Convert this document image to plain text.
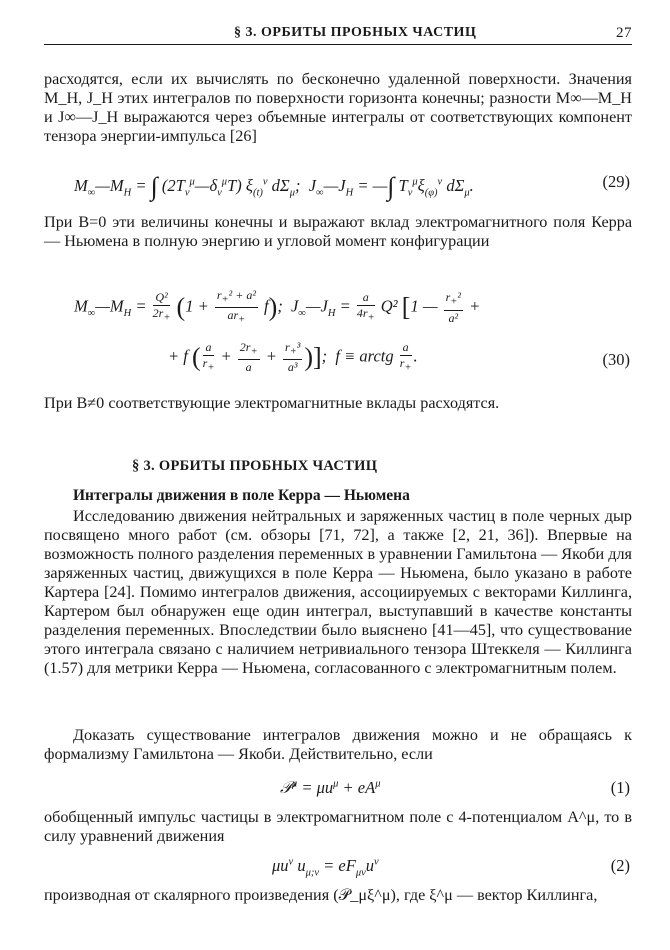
§ 3. ОРБИТЫ ПРОБНЫХ ЧАСТИЦ	27
расходятся, если их вычислять по бесконечно удаленной поверхности. Значения M_H, J_H этих интегралов по поверхности горизонта конечны; разности M∞—M_H и J∞—J_H выражаются через объемные интегралы от соответствующих компонент тензора энергии-импульса [26]
$M_\infty—M_H$ = ∫ $(2T_\nu^\mu—\delta_\nu^\mu T)$ $\xi_{(t)}^\nu$ $d\Sigma_\mu$;  $J_\infty—J_H$ = —∫ $T_\nu^\mu\xi_{(\varphi)}^\nu$ $d\Sigma_\mu$.	(29)
При B=0 эти величины конечны и выражают вклад электромагнитного поля Керра — Ньюмена в полную энергию и угловой момент конфигурации
$M_\infty—M_H = \frac{\text{Q²}}{2r_+} (1 + \frac{r_+^2 + a^2}{ar_+} f)$;  $J_\infty—J_H = \frac{a}{4r_+} Q^2$ [1 — $\frac{r_+^2}{\text{a²}}$ +
+ f ( $\frac{a}{r_+} + \frac{2r_+}{a} + \frac{r_+^3}{\text{a³}}$ )];  f ≡ arctg $\frac{a}{r_+}$ .	(30)
При B≠0 соответствующие электромагнитные вклады расходятся.
§ 3. ОРБИТЫ ПРОБНЫХ ЧАСТИЦ
Интегралы движения в поле Керра — Ньюмена
Исследованию движения нейтральных и заряженных частиц в поле черных дыр посвящено много работ (см. обзоры [71, 72], а также [2, 21, 36]). Впервые на возможность полного разделения переменных в уравнении Гамильтона — Якоби для заряженных частиц, движущихся в поле Керра — Ньюмена, было указано в работе Картера [24]. Помимо интегралов движения, ассоциируемых с векторами Киллинга, Картером был обнаружен еще один интеграл, выступавший в качестве константы разделения переменных. Впоследствии было выяснено [41—45], что существование этого интеграла связано с наличием нетривиального тензора Штеккеля — Киллинга (1.57) для метрики Керра — Ньюмена, согласованного с электромагнитным полем.
Доказать существование интегралов движения можно и не обращаясь к формализму Гамильтона — Якоби. Действительно, если
𝒫$^\mu$ = $\mu u^\mu + eA^\mu$	(1)
обобщенный импульс частицы в электромагнитном поле с 4-потенциалом A^μ, то в силу уравнений движения
$\mu u^\nu$ $u_{\mu;\nu} = eF_{\mu\nu}u^\nu$	(2)
производная от скалярного произведения (𝒫_μξ^μ), где ξ^μ — вектор Киллинга,
